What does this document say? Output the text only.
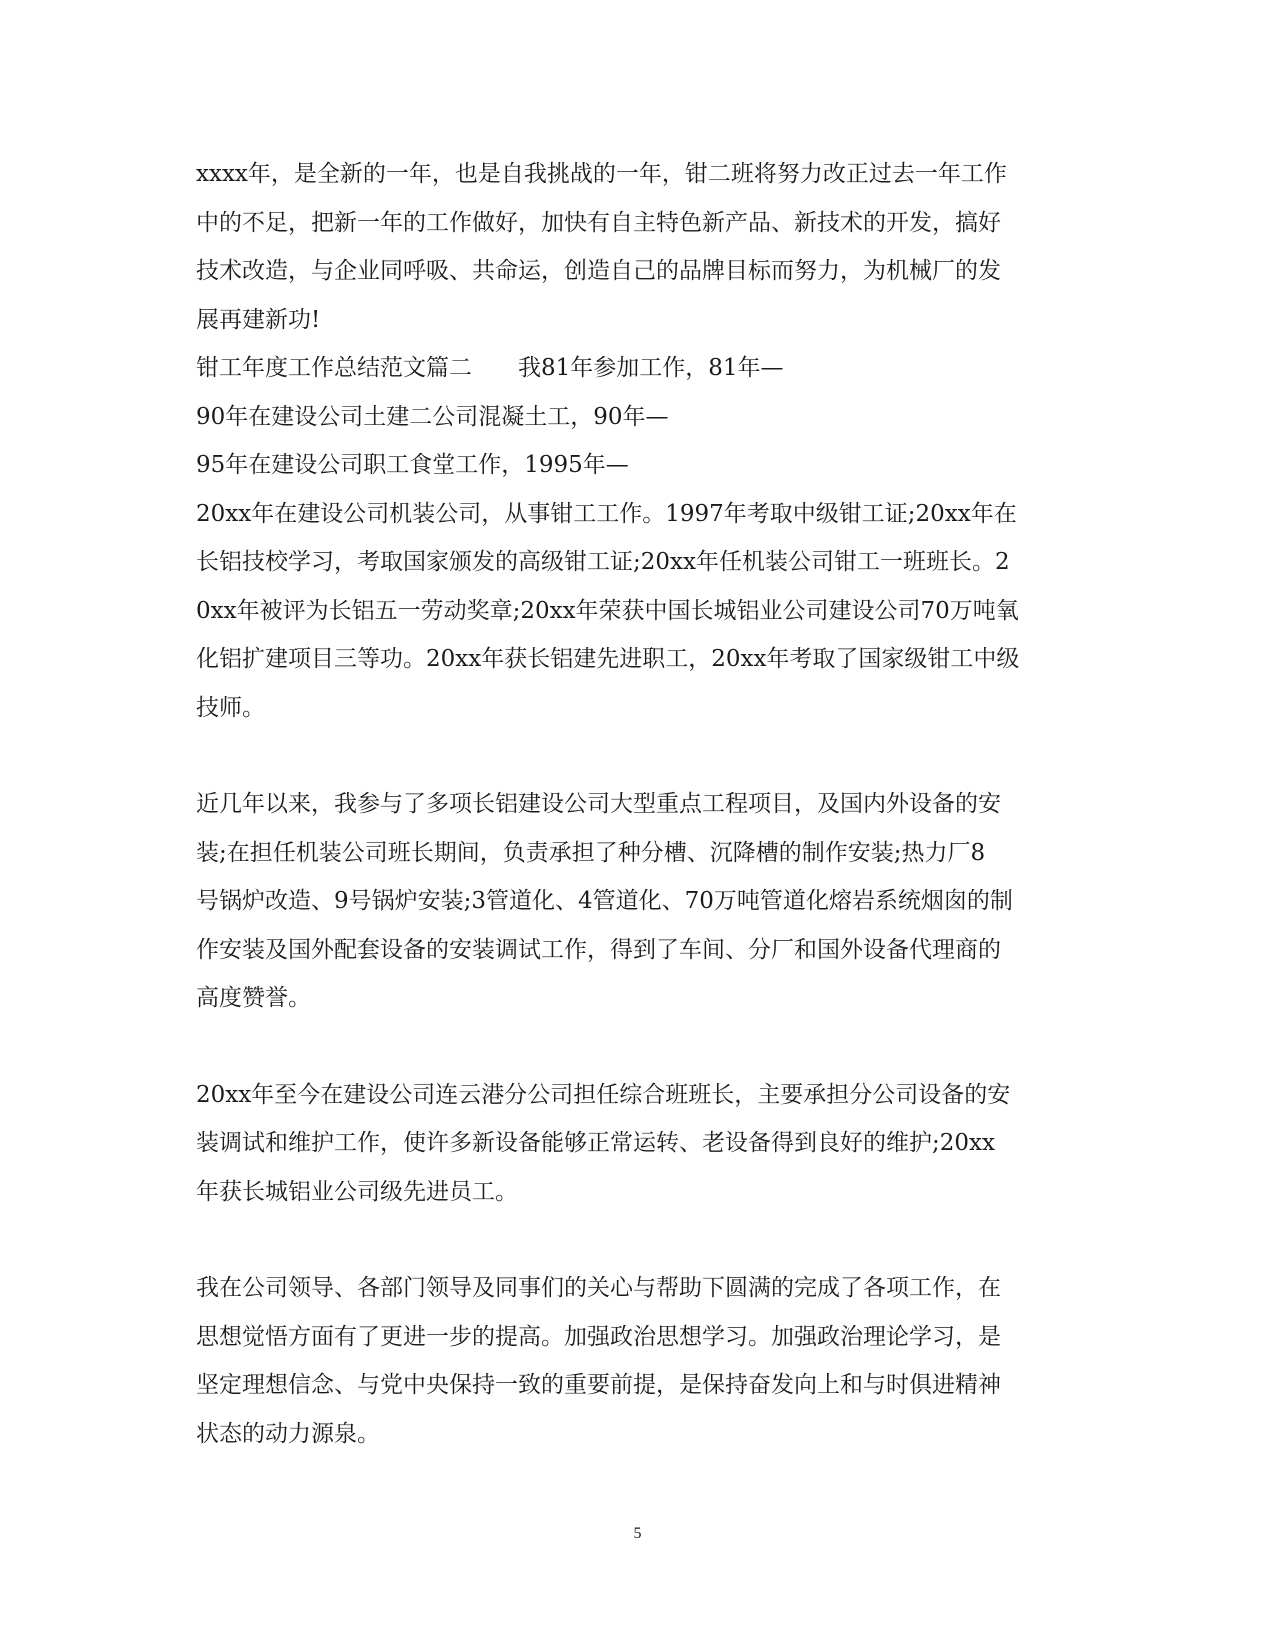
xxxx年，是全新的一年，也是自我挑战的一年，钳二班将努力改正过去一年工作
中的不足，把新一年的工作做好，加快有自主特色新产品、新技术的开发，搞好
技术改造，与企业同呼吸、共命运，创造自己的品牌目标而努力，为机械厂的发
展再建新功!
钳工年度工作总结范文篇二　　我81年参加工作，81年—
90年在建设公司土建二公司混凝土工，90年—
95年在建设公司职工食堂工作，1995年—
20xx年在建设公司机装公司，从事钳工工作。1997年考取中级钳工证;20xx年在
长铝技校学习，考取国家颁发的高级钳工证;20xx年任机装公司钳工一班班长。2
0xx年被评为长铝五一劳动奖章;20xx年荣获中国长城铝业公司建设公司70万吨氧
化铝扩建项目三等功。20xx年获长铝建先进职工，20xx年考取了国家级钳工中级
技师。
近几年以来，我参与了多项长铝建设公司大型重点工程项目，及国内外设备的安
装;在担任机装公司班长期间，负责承担了种分槽、沉降槽的制作安装;热力厂8
号锅炉改造、9号锅炉安装;3管道化、4管道化、70万吨管道化熔岩系统烟囱的制
作安装及国外配套设备的安装调试工作，得到了车间、分厂和国外设备代理商的
高度赞誉。
20xx年至今在建设公司连云港分公司担任综合班班长，主要承担分公司设备的安
装调试和维护工作，使许多新设备能够正常运转、老设备得到良好的维护;20xx
年获长城铝业公司级先进员工。
我在公司领导、各部门领导及同事们的关心与帮助下圆满的完成了各项工作，在
思想觉悟方面有了更进一步的提高。加强政治思想学习。加强政治理论学习，是
坚定理想信念、与党中央保持一致的重要前提，是保持奋发向上和与时俱进精神
状态的动力源泉。
5
